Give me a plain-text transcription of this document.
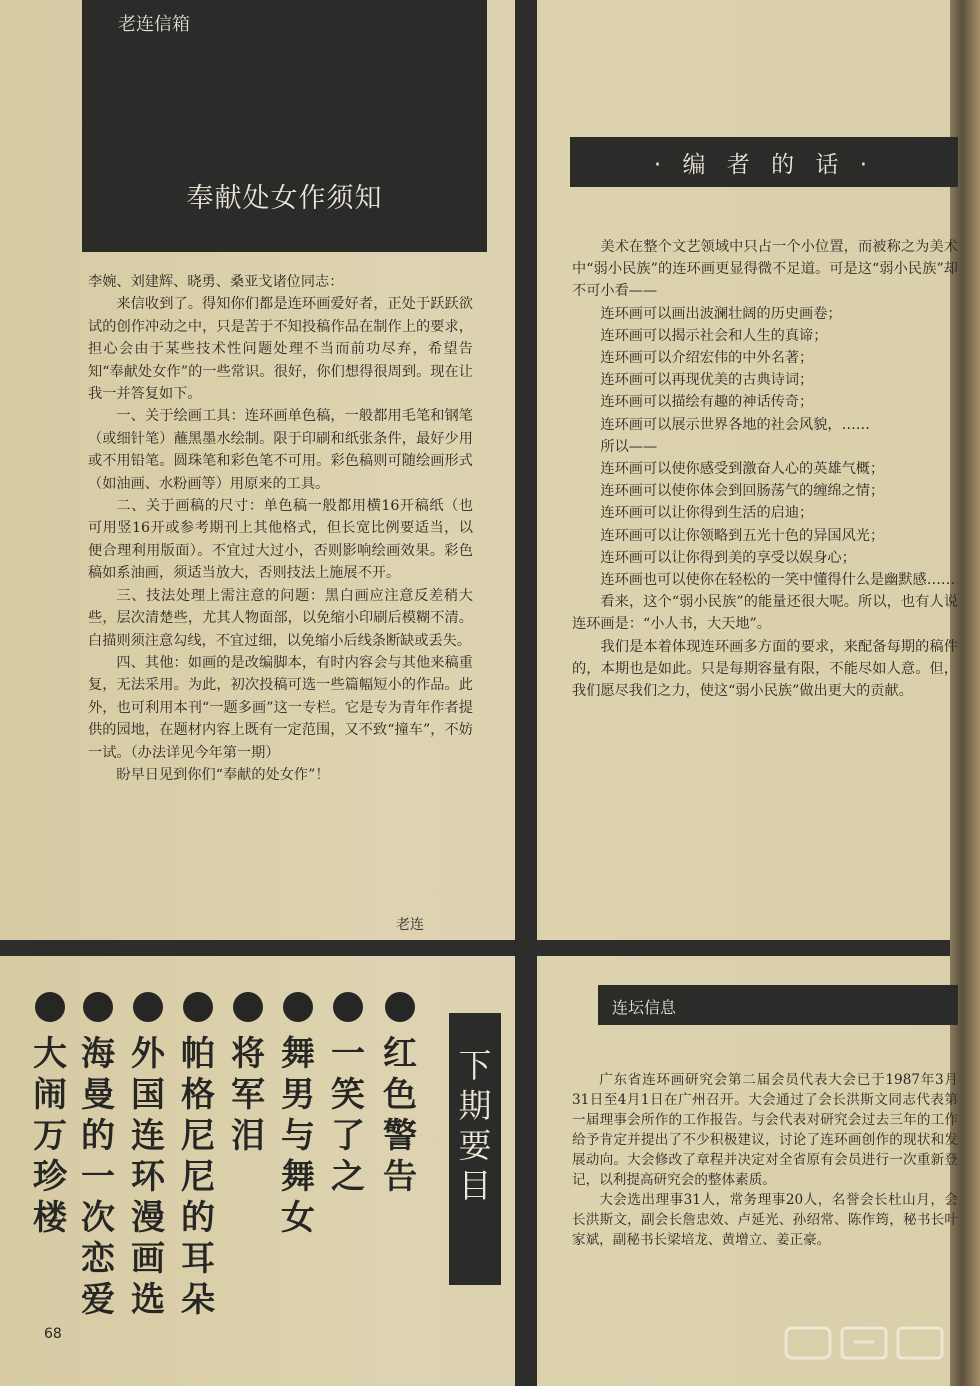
老连信箱
奉献处女作须知

李婉、刘建辉、晓勇、桑亚戈诸位同志：

来信收到了。得知你们都是连环画爱好者，正处于跃跃欲试的创作冲动之中，只是苦于不知投稿作品在制作上的要求，担心会由于某些技术性问题处理不当而前功尽弃，希望告知“奉献处女作”的一些常识。很好，你们想得很周到。现在让我一并答复如下。

一、关于绘画工具：连环画单色稿，一般都用毛笔和钢笔（或细针笔）蘸黑墨水绘制。限于印刷和纸张条件，最好少用或不用铅笔。圆珠笔和彩色笔不可用。彩色稿则可随绘画形式（如油画、水粉画等）用原来的工具。

二、关于画稿的尺寸：单色稿一般都用横16开稿纸（也可用竖16开或参考期刊上其他格式，但长宽比例要适当，以便合理利用版面）。不宜过大过小，否则影响绘画效果。彩色稿如系油画，须适当放大，否则技法上施展不开。

三、技法处理上需注意的问题：黑白画应注意反差稍大些，层次清楚些，尤其人物面部，以免缩小印刷后模糊不清。白描则须注意勾线，不宜过细，以免缩小后线条断缺或丢失。

四、其他：如画的是改编脚本，有时内容会与其他来稿重复，无法采用。为此，初次投稿可选一些篇幅短小的作品。此外，也可利用本刊“一题多画”这一专栏。它是专为青年作者提供的园地，在题材内容上既有一定范围，又不致“撞车”，不妨一试。（办法详见今年第一期）

盼早日见到你们“奉献的处女作”！

老连
· 编 者 的 话 ·

美术在整个文艺领域中只占一个小位置，而被称之为美术中“弱小民族”的连环画更显得微不足道。可是这“弱小民族”却不可小看——

连环画可以画出波澜壮阔的历史画卷；

连环画可以揭示社会和人生的真谛；

连环画可以介绍宏伟的中外名著；

连环画可以再现优美的古典诗词；

连环画可以描绘有趣的神话传奇；

连环画可以展示世界各地的社会风貌，……

所以——

连环画可以使你感受到激奋人心的英雄气概；

连环画可以使你体会到回肠荡气的缠绵之情；

连环画可以让你得到生活的启迪；

连环画可以让你领略到五光十色的异国风光；

连环画可以让你得到美的享受以娱身心；

连环画也可以使你在轻松的一笑中懂得什么是幽默感……

看来，这个“弱小民族”的能量还很大呢。所以，也有人说连环画是：“小人书，大天地”。

我们是本着体现连环画多方面的要求，来配备每期的稿件的，本期也是如此。只是每期容量有限，不能尽如人意。但，我们愿尽我们之力，使这“弱小民族”做出更大的贡献。

连坛信息

广东省连环画研究会第二届会员代表大会已于1987年3月31日至4月1日在广州召开。大会通过了会长洪斯文同志代表第一届理事会所作的工作报告。与会代表对研究会过去三年的工作给予肯定并提出了不少积极建议，讨论了连环画创作的现状和发展动向。大会修改了章程并决定对全省原有会员进行一次重新登记，以利提高研究会的整体素质。

大会选出理事31人，常务理事20人，名誉会长杜山月，会长洪斯文，副会长詹忠效、卢延光、孙绍常、陈作筠，秘书长叶家斌，副秘书长梁培龙、黄增立、姜正豪。

下
期
要
目
红
色
警
告
一
笑
了
之
舞
男
与
舞
女
将
军
泪
帕
格
尼
尼
的
耳
朵
外
国
连
环
漫
画
选
海
曼
的
一
次
恋
爱
大
闹
万
珍
楼
68
